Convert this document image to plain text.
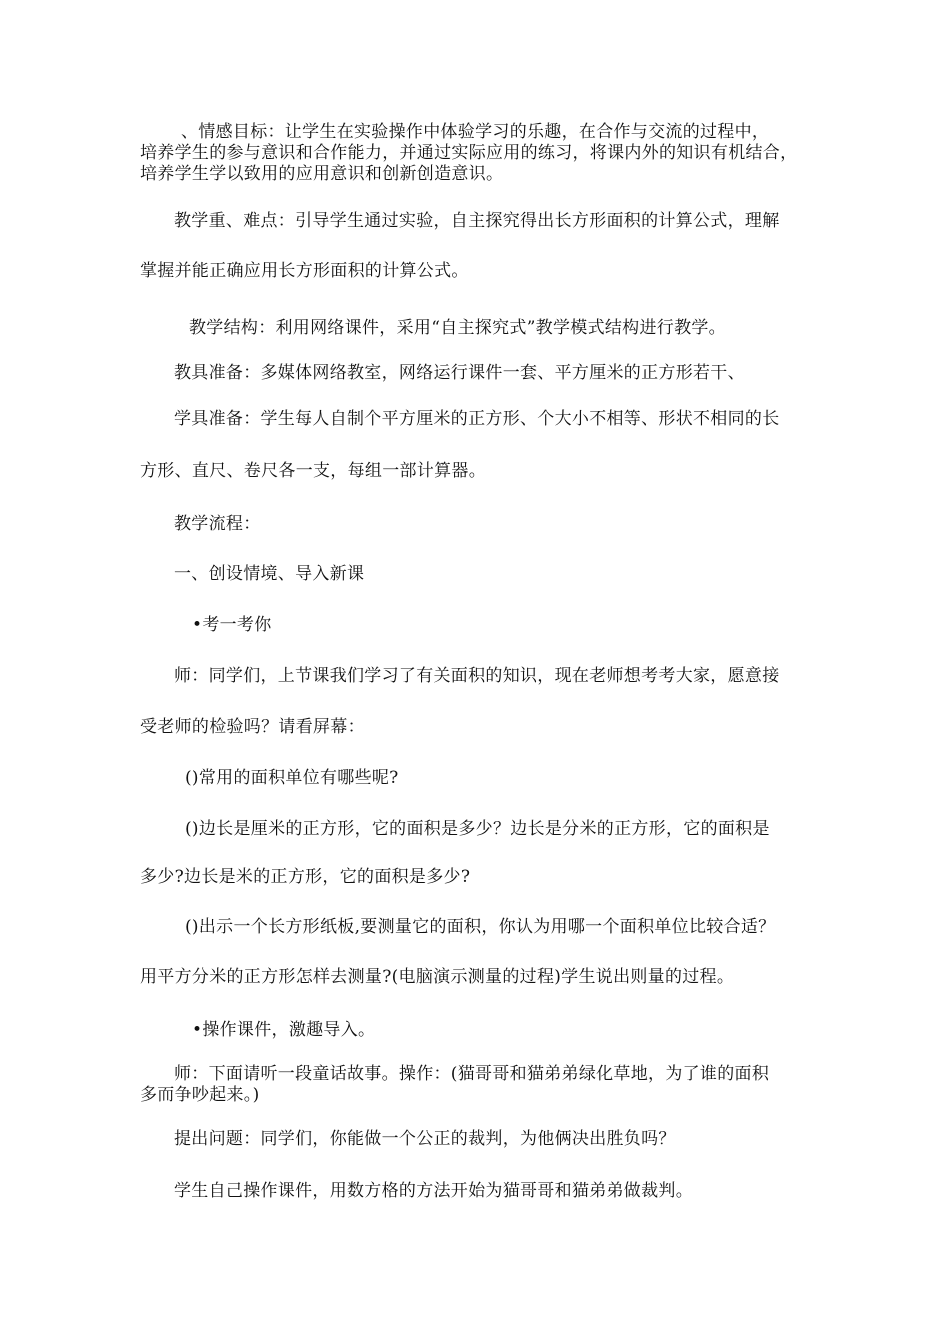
、情感目标：让学生在实验操作中体验学习的乐趣，在合作与交流的过程中，
培养学生的参与意识和合作能力，并通过实际应用的练习，将课内外的知识有机结合，
培养学生学以致用的应用意识和创新创造意识。
教学重、难点：引导学生通过实验，自主探究得出长方形面积的计算公式，理解
掌握并能正确应用长方形面积的计算公式。
教学结构：利用网络课件，采用“自主探究式”教学模式结构进行教学。
教具准备：多媒体网络教室，网络运行课件一套、平方厘米的正方形若干、
学具准备：学生每人自制个平方厘米的正方形、个大小不相等、形状不相同的长
方形、直尺、卷尺各一支，每组一部计算器。
教学流程：
一、创设情境、导入新课
•考一考你
师：同学们，上节课我们学习了有关面积的知识，现在老师想考考大家，愿意接
受老师的检验吗？请看屏幕：
()常用的面积单位有哪些呢?
()边长是厘米的正方形，它的面积是多少？边长是分米的正方形，它的面积是
多少?边长是米的正方形，它的面积是多少?
()出示一个长方形纸板,要测量它的面积，你认为用哪一个面积单位比较合适？
用平方分米的正方形怎样去测量?(电脑演示测量的过程)学生说出则量的过程。
•操作课件，激趣导入。
师：下面请听一段童话故事。操作：(猫哥哥和猫弟弟绿化草地，为了谁的面积
多而争吵起来。)
提出问题：同学们，你能做一个公正的裁判，为他俩决出胜负吗？
学生自己操作课件，用数方格的方法开始为猫哥哥和猫弟弟做裁判。
